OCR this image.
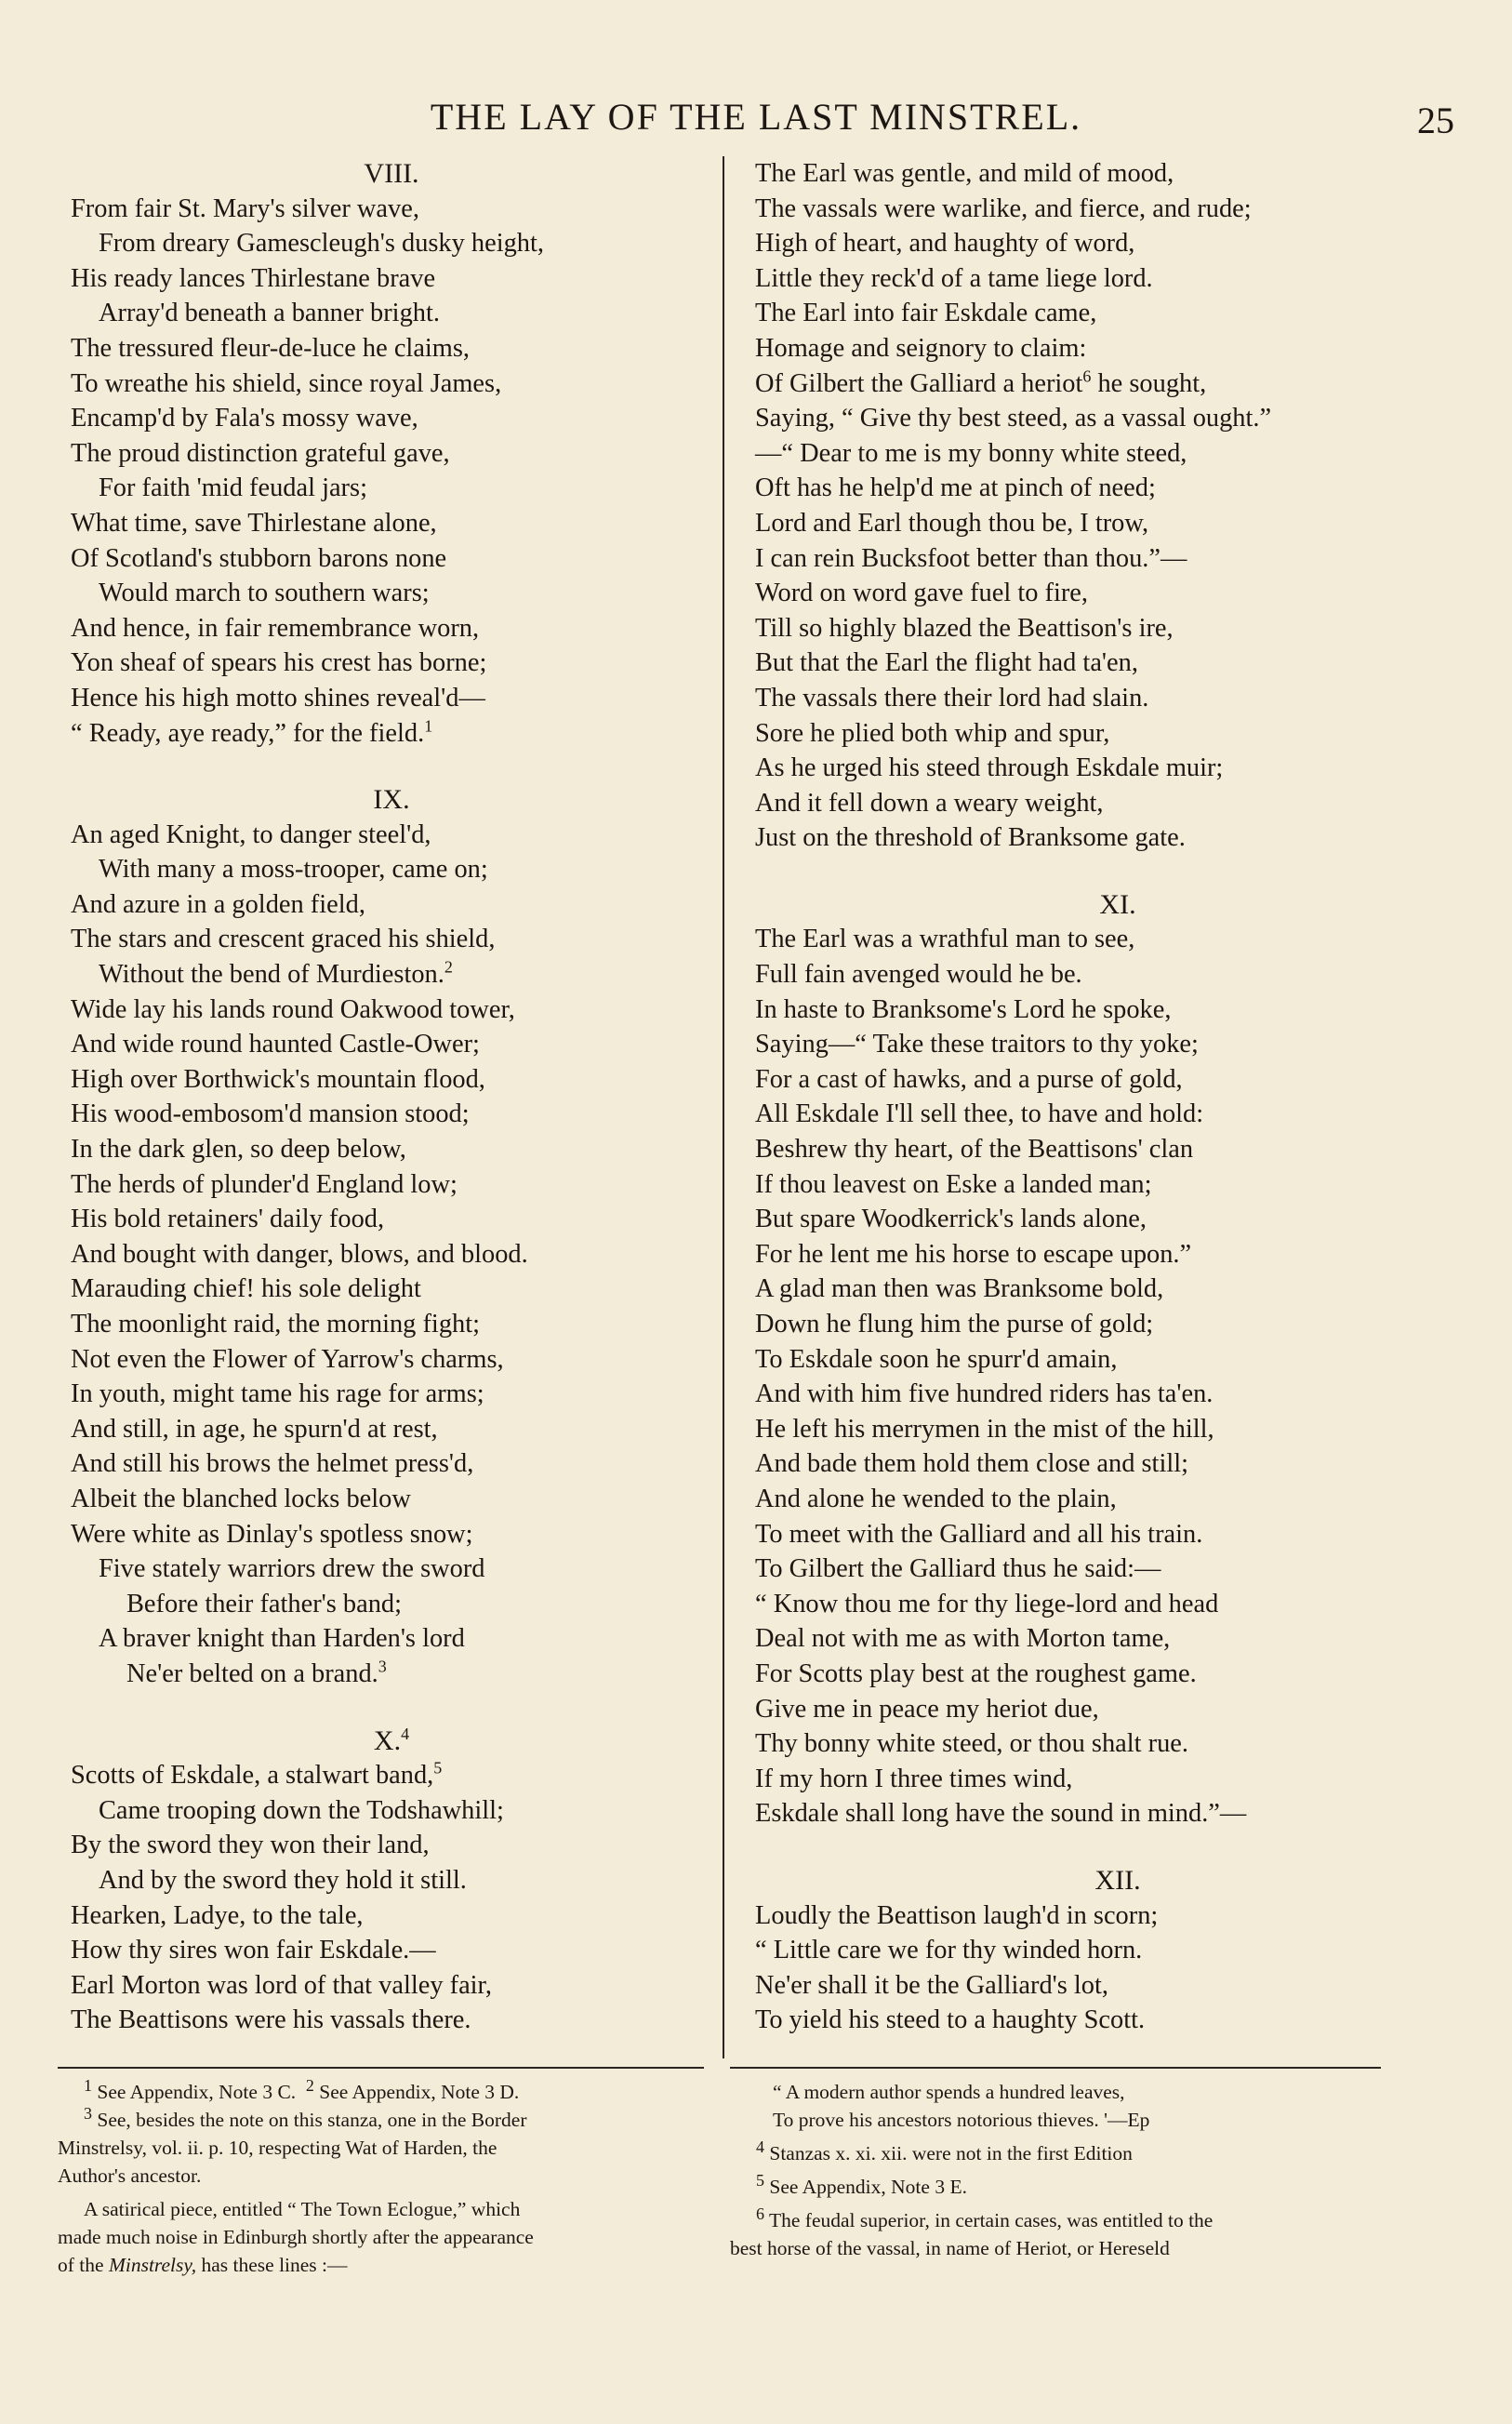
THE LAY OF THE LAST MINSTREL.	25
VIII.
From fair St. Mary's silver wave,
From dreary Gamescleugh's dusky height,
His ready lances Thirlestane brave
Array'd beneath a banner bright.
The tressured fleur-de-luce he claims,
To wreathe his shield, since royal James,
Encamp'd by Fala's mossy wave,
The proud distinction grateful gave,
For faith 'mid feudal jars;
What time, save Thirlestane alone,
Of Scotland's stubborn barons none
Would march to southern wars;
And hence, in fair remembrance worn,
Yon sheaf of spears his crest has borne;
Hence his high motto shines reveal'd—
“ Ready, aye ready,” for the field.$^1$
IX.
An aged Knight, to danger steel'd,
With many a moss-trooper, came on;
And azure in a golden field,
The stars and crescent graced his shield,
Without the bend of Murdieston.$^2$
Wide lay his lands round Oakwood tower,
And wide round haunted Castle-Ower;
High over Borthwick's mountain flood,
His wood-embosom'd mansion stood;
In the dark glen, so deep below,
The herds of plunder'd England low;
His bold retainers' daily food,
And bought with danger, blows, and blood.
Marauding chief! his sole delight
The moonlight raid, the morning fight;
Not even the Flower of Yarrow's charms,
In youth, might tame his rage for arms;
And still, in age, he spurn'd at rest,
And still his brows the helmet press'd,
Albeit the blanched locks below
Were white as Dinlay's spotless snow;
Five stately warriors drew the sword
Before their father's band;
A braver knight than Harden's lord
Ne'er belted on a brand.$^3$
X.$^4$
Scotts of Eskdale, a stalwart band,$^5$
Came trooping down the Todshawhill;
By the sword they won their land,
And by the sword they hold it still.
Hearken, Ladye, to the tale,
How thy sires won fair Eskdale.—
Earl Morton was lord of that valley fair,
The Beattisons were his vassals there.
The Earl was gentle, and mild of mood,
The vassals were warlike, and fierce, and rude;
High of heart, and haughty of word,
Little they reck'd of a tame liege lord.
The Earl into fair Eskdale came,
Homage and seignory to claim:
Of Gilbert the Galliard a heriot$^6$ he sought,
Saying, “ Give thy best steed, as a vassal ought.”
—“ Dear to me is my bonny white steed,
Oft has he help'd me at pinch of need;
Lord and Earl though thou be, I trow,
I can rein Bucksfoot better than thou.”—
Word on word gave fuel to fire,
Till so highly blazed the Beattison's ire,
But that the Earl the flight had ta'en,
The vassals there their lord had slain.
Sore he plied both whip and spur,
As he urged his steed through Eskdale muir;
And it fell down a weary weight,
Just on the threshold of Branksome gate.
XI.
The Earl was a wrathful man to see,
Full fain avenged would he be.
In haste to Branksome's Lord he spoke,
Saying—“ Take these traitors to thy yoke;
For a cast of hawks, and a purse of gold,
All Eskdale I'll sell thee, to have and hold:
Beshrew thy heart, of the Beattisons' clan
If thou leavest on Eske a landed man;
But spare Woodkerrick's lands alone,
For he lent me his horse to escape upon.”
A glad man then was Branksome bold,
Down he flung him the purse of gold;
To Eskdale soon he spurr'd amain,
And with him five hundred riders has ta'en.
He left his merrymen in the mist of the hill,
And bade them hold them close and still;
And alone he wended to the plain,
To meet with the Galliard and all his train.
To Gilbert the Galliard thus he said:—
“ Know thou me for thy liege-lord and head
Deal not with me as with Morton tame,
For Scotts play best at the roughest game.
Give me in peace my heriot due,
Thy bonny white steed, or thou shalt rue.
If my horn I three times wind,
Eskdale shall long have the sound in mind.”—
XII.
Loudly the Beattison laugh'd in scorn;
“ Little care we for thy winded horn.
Ne'er shall it be the Galliard's lot,
To yield his steed to a haughty Scott.
$^1$ See Appendix, Note 3 C. $^2$ See Appendix, Note 3 D.
$^3$ See, besides the note on this stanza, one in the Border
Minstrelsy, vol. ii. p. 10, respecting Wat of Harden, the
Author's ancestor.
A satirical piece, entitled “ The Town Eclogue,” which
made much noise in Edinburgh shortly after the appearance
of the Minstrelsy, has these lines :—
“ A modern author spends a hundred leaves,
To prove his ancestors notorious thieves. '—Ep
$^4$ Stanzas x. xi. xii. were not in the first Edition
$^5$ See Appendix, Note 3 E.
$^6$ The feudal superior, in certain cases, was entitled to the
best horse of the vassal, in name of Heriot, or Hereseld
